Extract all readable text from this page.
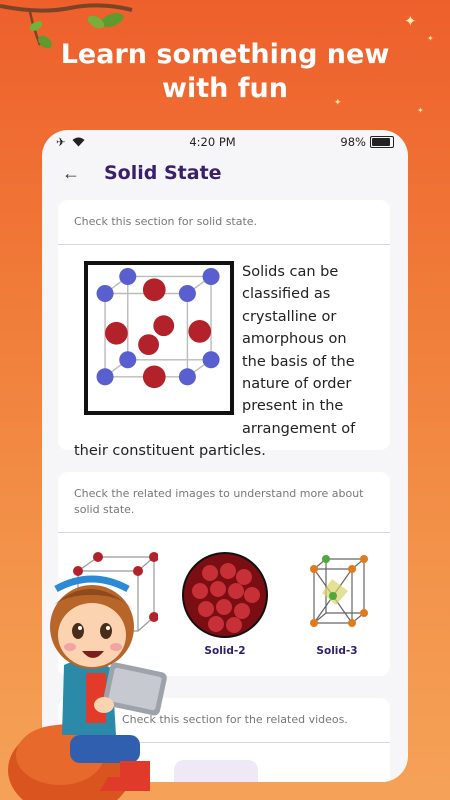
✦
✦
✦
✦
Learn something new
with fun
✈	4:20 PM	98%
← Solid State
Check this section for solid state.
Solids can be classified as crystalline or amorphous on the basis of the nature of order present in the arrangement of their constituent particles.
Check the related images to understand more about solid state.
Solid-2	Solid-3
Check this section for the related videos.
